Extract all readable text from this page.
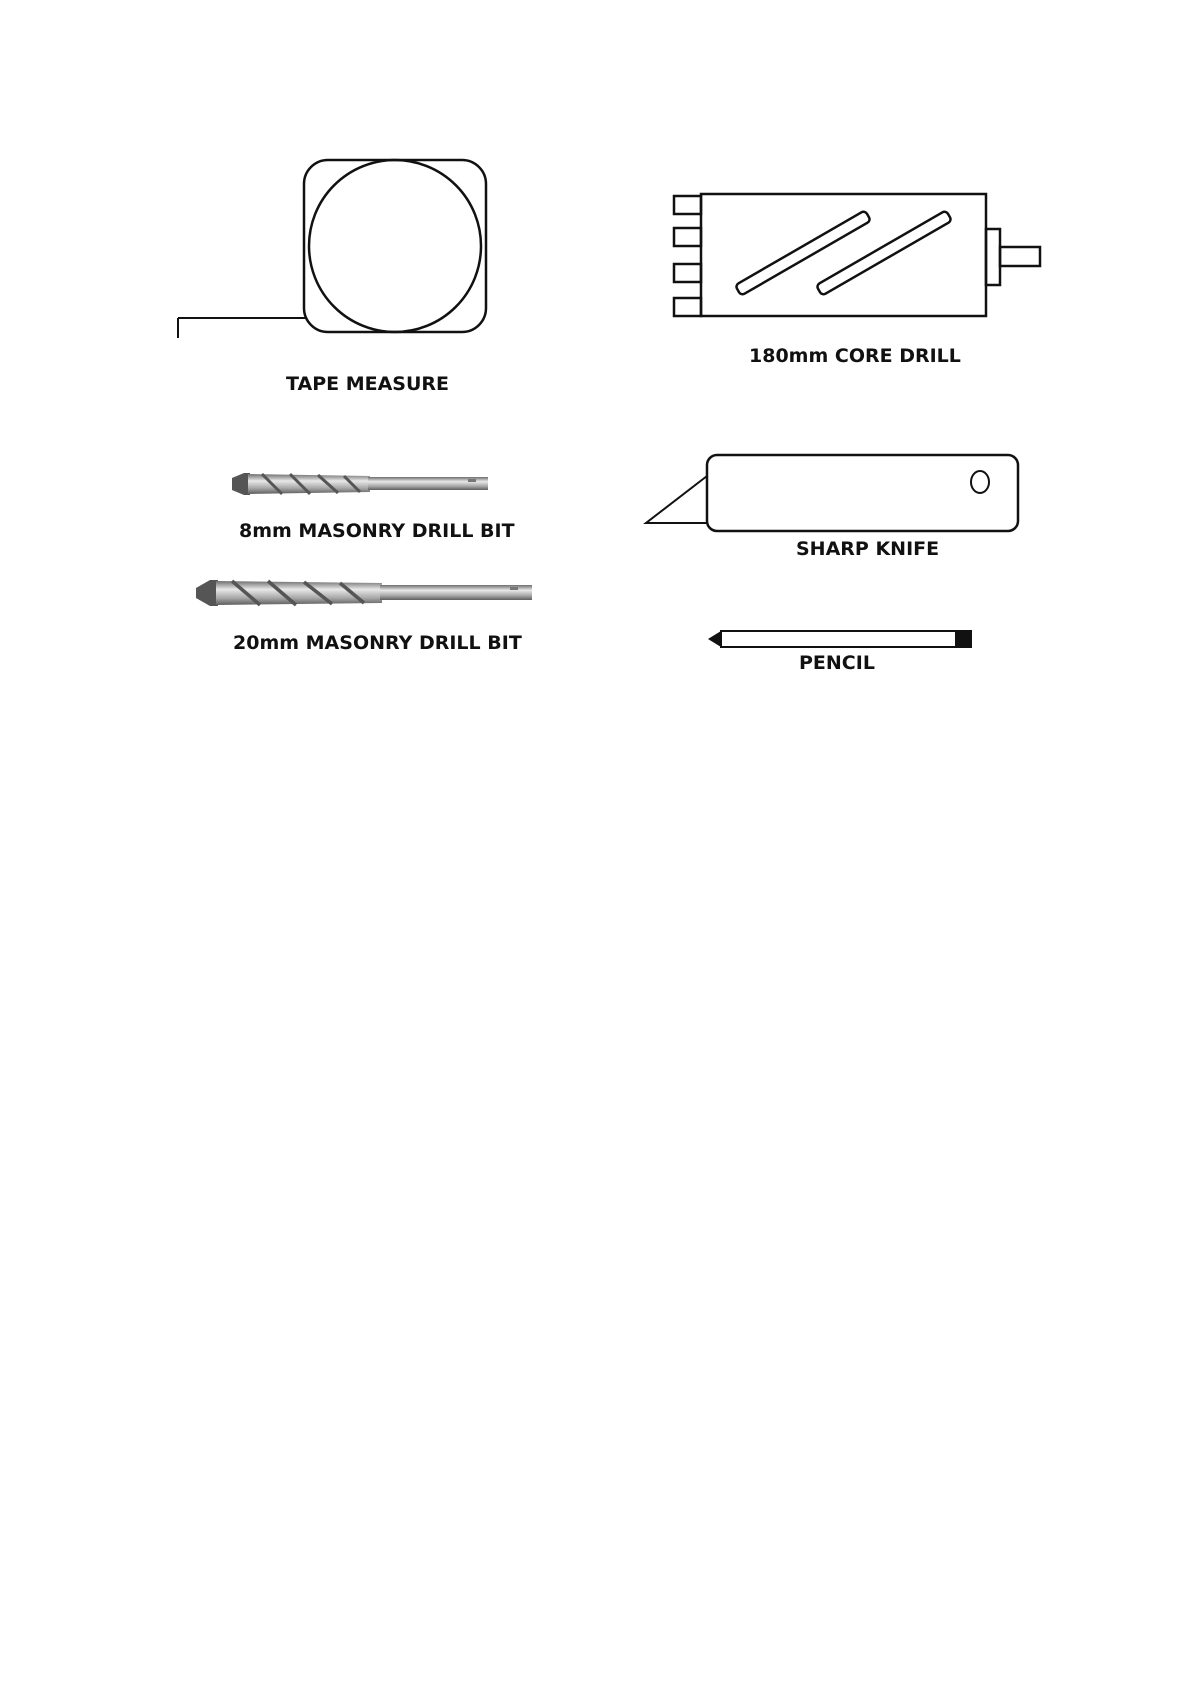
TAPE MEASURE
180mm CORE DRILL
8mm MASONRY DRILL BIT
20mm MASONRY DRILL BIT
SHARP KNIFE
PENCIL
